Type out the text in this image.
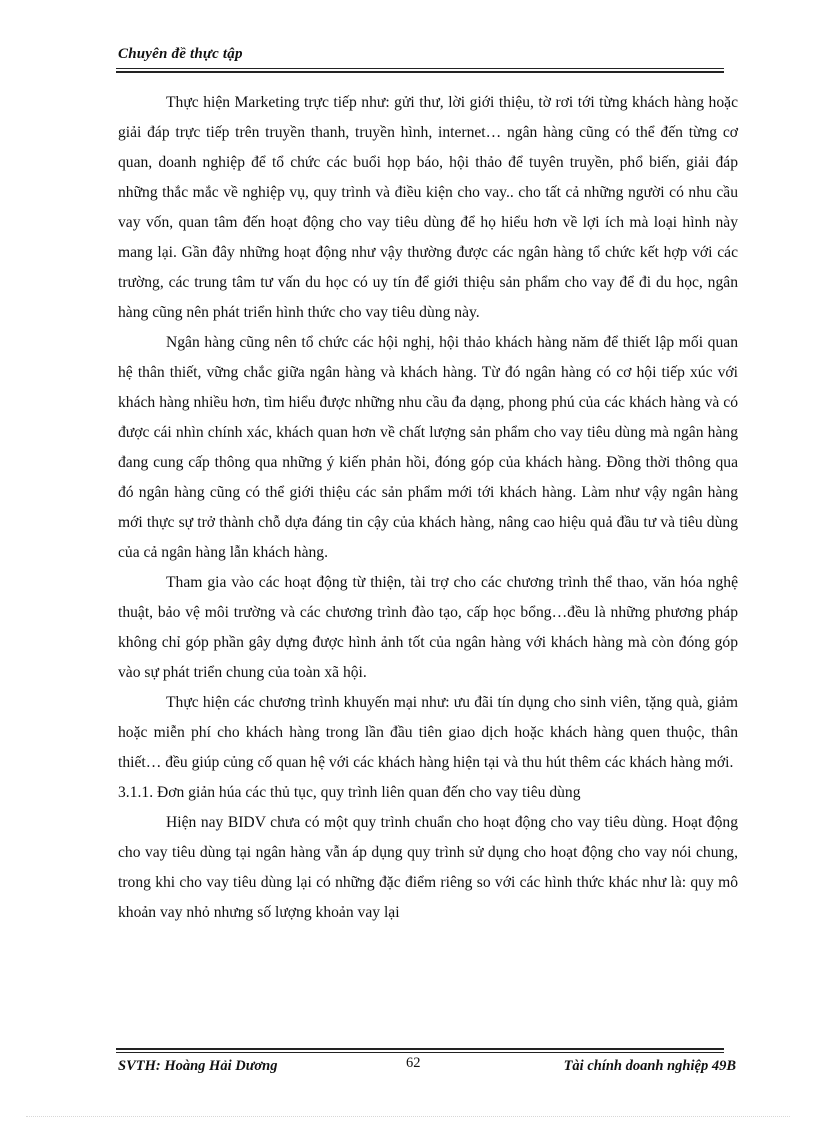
Chuyên đề thực tập

Thực hiện Marketing trực tiếp như: gửi thư, lời giới thiệu, tờ rơi tới từng khách hàng hoặc giải đáp trực tiếp trên truyền thanh, truyền hình, internet… ngân hàng cũng có thể đến từng cơ quan, doanh nghiệp để tổ chức các buổi họp báo, hội thảo để tuyên truyền, phổ biến, giải đáp những thắc mắc về nghiệp vụ, quy trình và điều kiện cho vay.. cho tất cả những người có nhu cầu vay vốn, quan tâm đến hoạt động cho vay tiêu dùng để họ hiểu hơn về lợi ích mà loại hình này mang lại. Gần đây những hoạt động như vậy thường được các ngân hàng tổ chức kết hợp với các trường, các trung tâm tư vấn du học có uy tín để giới thiệu sản phẩm cho vay để đi du học, ngân hàng cũng nên phát triển hình thức cho vay tiêu dùng này.

Ngân hàng cũng nên tổ chức các hội nghị, hội thảo khách hàng năm để thiết lập mối quan hệ thân thiết, vững chắc giữa ngân hàng và khách hàng. Từ đó ngân hàng có cơ hội tiếp xúc với khách hàng nhiều hơn, tìm hiểu được những nhu cầu đa dạng, phong phú của các khách hàng và có được cái nhìn chính xác, khách quan hơn về chất lượng sản phẩm cho vay tiêu dùng mà ngân hàng đang cung cấp thông qua những ý kiến phản hồi, đóng góp của khách hàng. Đồng thời thông qua đó ngân hàng cũng có thể giới thiệu các sản phẩm mới tới khách hàng. Làm như vậy ngân hàng mới thực sự trở thành chỗ dựa đáng tin cậy của khách hàng, nâng cao hiệu quả đầu tư và tiêu dùng của cả ngân hàng lẫn khách hàng.

Tham gia vào các hoạt động từ thiện, tài trợ cho các chương trình thể thao, văn hóa nghệ thuật, bảo vệ môi trường và các chương trình đào tạo, cấp học bổng…đều là những phương pháp không chỉ góp phần gây dựng được hình ảnh tốt của ngân hàng với khách hàng mà còn đóng góp vào sự phát triển chung của toàn xã hội.

Thực hiện các chương trình khuyến mại như: ưu đãi tín dụng cho sinh viên, tặng quà, giảm hoặc miễn phí cho khách hàng trong lần đầu tiên giao dịch hoặc khách hàng quen thuộc, thân thiết… đều giúp củng cố quan hệ với các khách hàng hiện tại và thu hút thêm các khách hàng mới.

3.1.1. Đơn giản húa các thủ tục, quy trình liên quan đến cho vay tiêu dùng

Hiện nay BIDV chưa có một quy trình chuẩn cho hoạt động cho vay tiêu dùng. Hoạt động cho vay tiêu dùng tại ngân hàng vẫn áp dụng quy trình sử dụng cho hoạt động cho vay nói chung, trong khi cho vay tiêu dùng lại có những đặc điểm riêng so với các hình thức khác như là: quy mô khoản vay nhỏ nhưng số lượng khoản vay lại

SVTH: Hoàng Hải Dương	62	Tài chính doanh nghiệp 49B
